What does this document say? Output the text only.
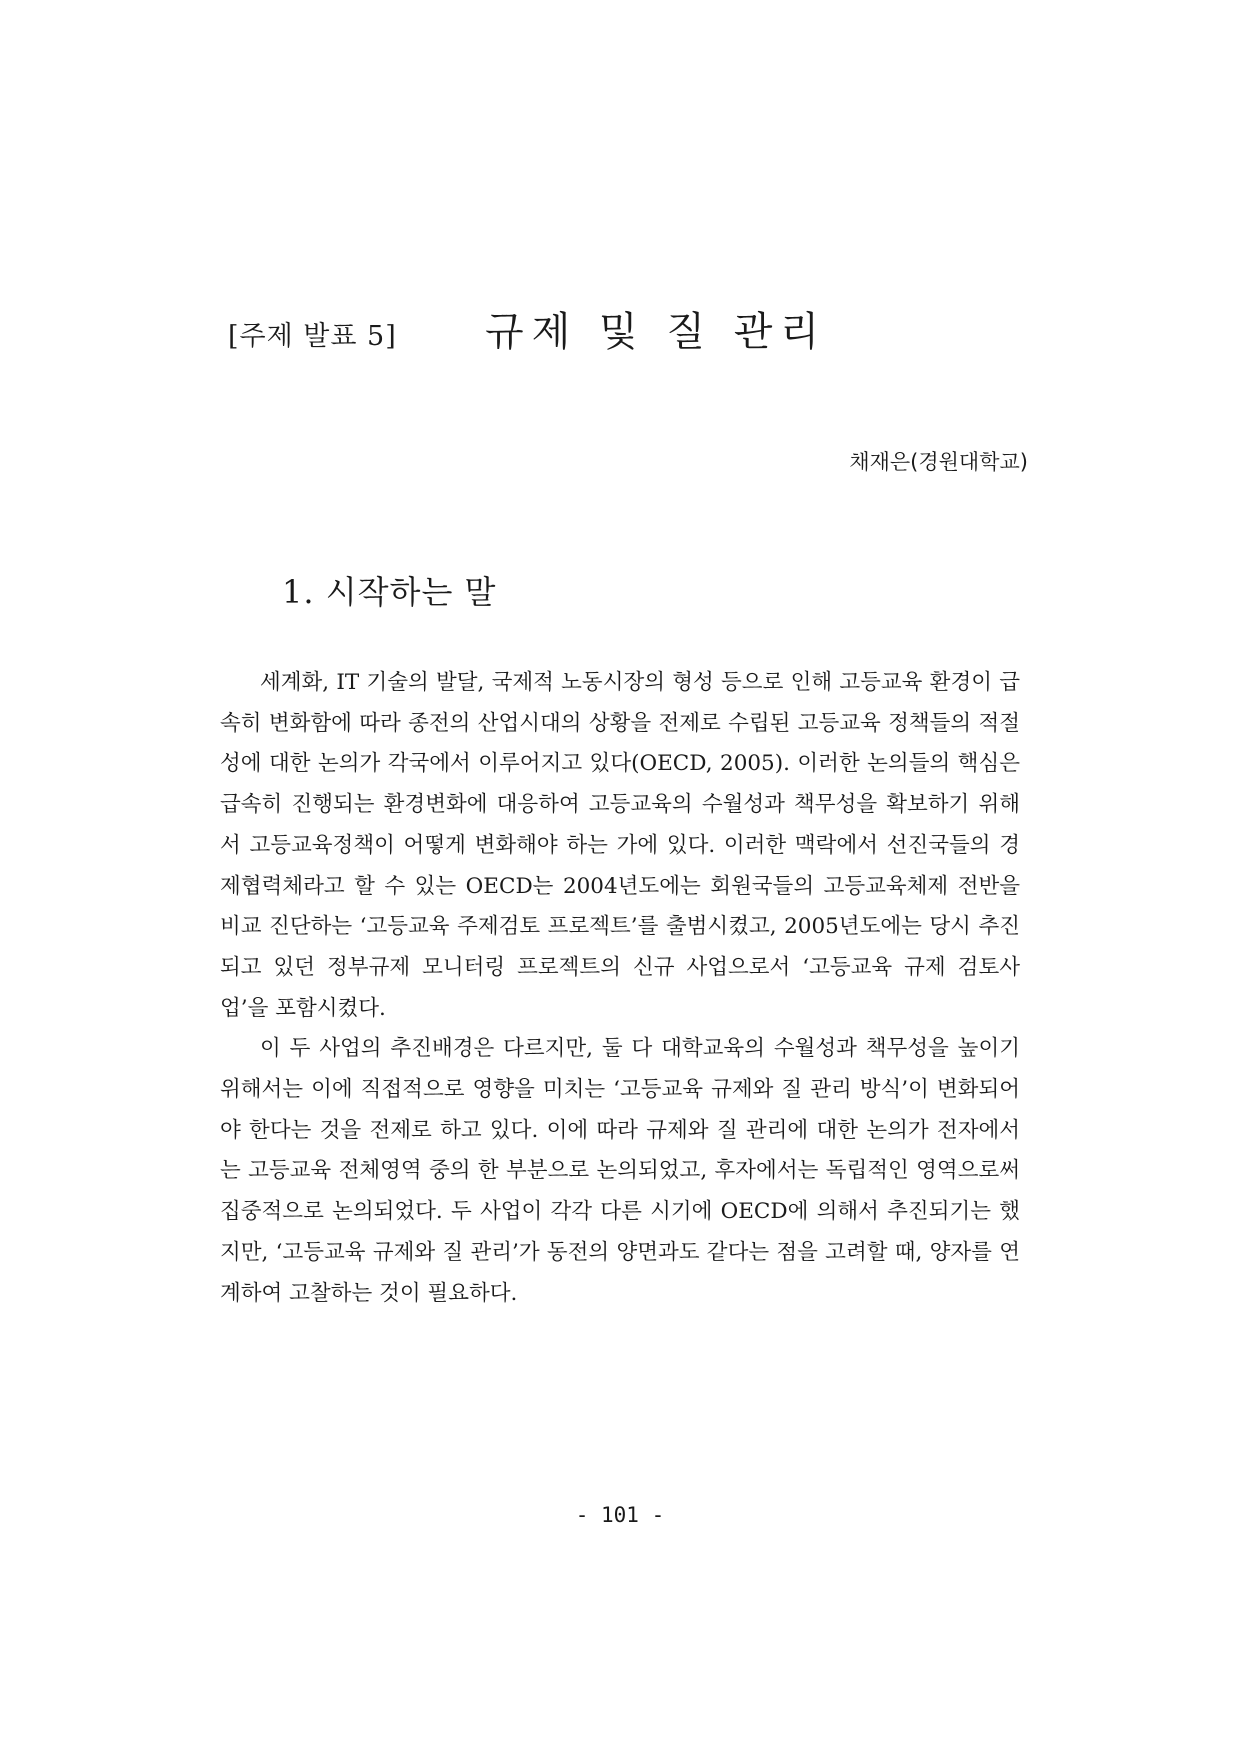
[주제 발표 5] 규제 및 질 관리
채재은(경원대학교)
1. 시작하는 말

세계화, IT 기술의 발달, 국제적 노동시장의 형성 등으로 인해 고등교육 환경이 급속히 변화함에 따라 종전의 산업시대의 상황을 전제로 수립된 고등교육 정책들의 적절성에 대한 논의가 각국에서 이루어지고 있다(OECD, 2005). 이러한 논의들의 핵심은 급속히 진행되는 환경변화에 대응하여 고등교육의 수월성과 책무성을 확보하기 위해서 고등교육정책이 어떻게 변화해야 하는 가에 있다. 이러한 맥락에서 선진국들의 경제협력체라고 할 수 있는 OECD는 2004년도에는 회원국들의 고등교육체제 전반을 비교 진단하는 ‘고등교육 주제검토 프로젝트’를 출범시켰고, 2005년도에는 당시 추진되고 있던 정부규제 모니터링 프로젝트의 신규 사업으로서 ‘고등교육 규제 검토사업’을 포함시켰다.

이 두 사업의 추진배경은 다르지만, 둘 다 대학교육의 수월성과 책무성을 높이기 위해서는 이에 직접적으로 영향을 미치는 ‘고등교육 규제와 질 관리 방식’이 변화되어야 한다는 것을 전제로 하고 있다. 이에 따라 규제와 질 관리에 대한 논의가 전자에서는 고등교육 전체영역 중의 한 부분으로 논의되었고, 후자에서는 독립적인 영역으로써 집중적으로 논의되었다. 두 사업이 각각 다른 시기에 OECD에 의해서 추진되기는 했지만, ‘고등교육 규제와 질 관리’가 동전의 양면과도 같다는 점을 고려할 때, 양자를 연계하여 고찰하는 것이 필요하다.

- 101 -
